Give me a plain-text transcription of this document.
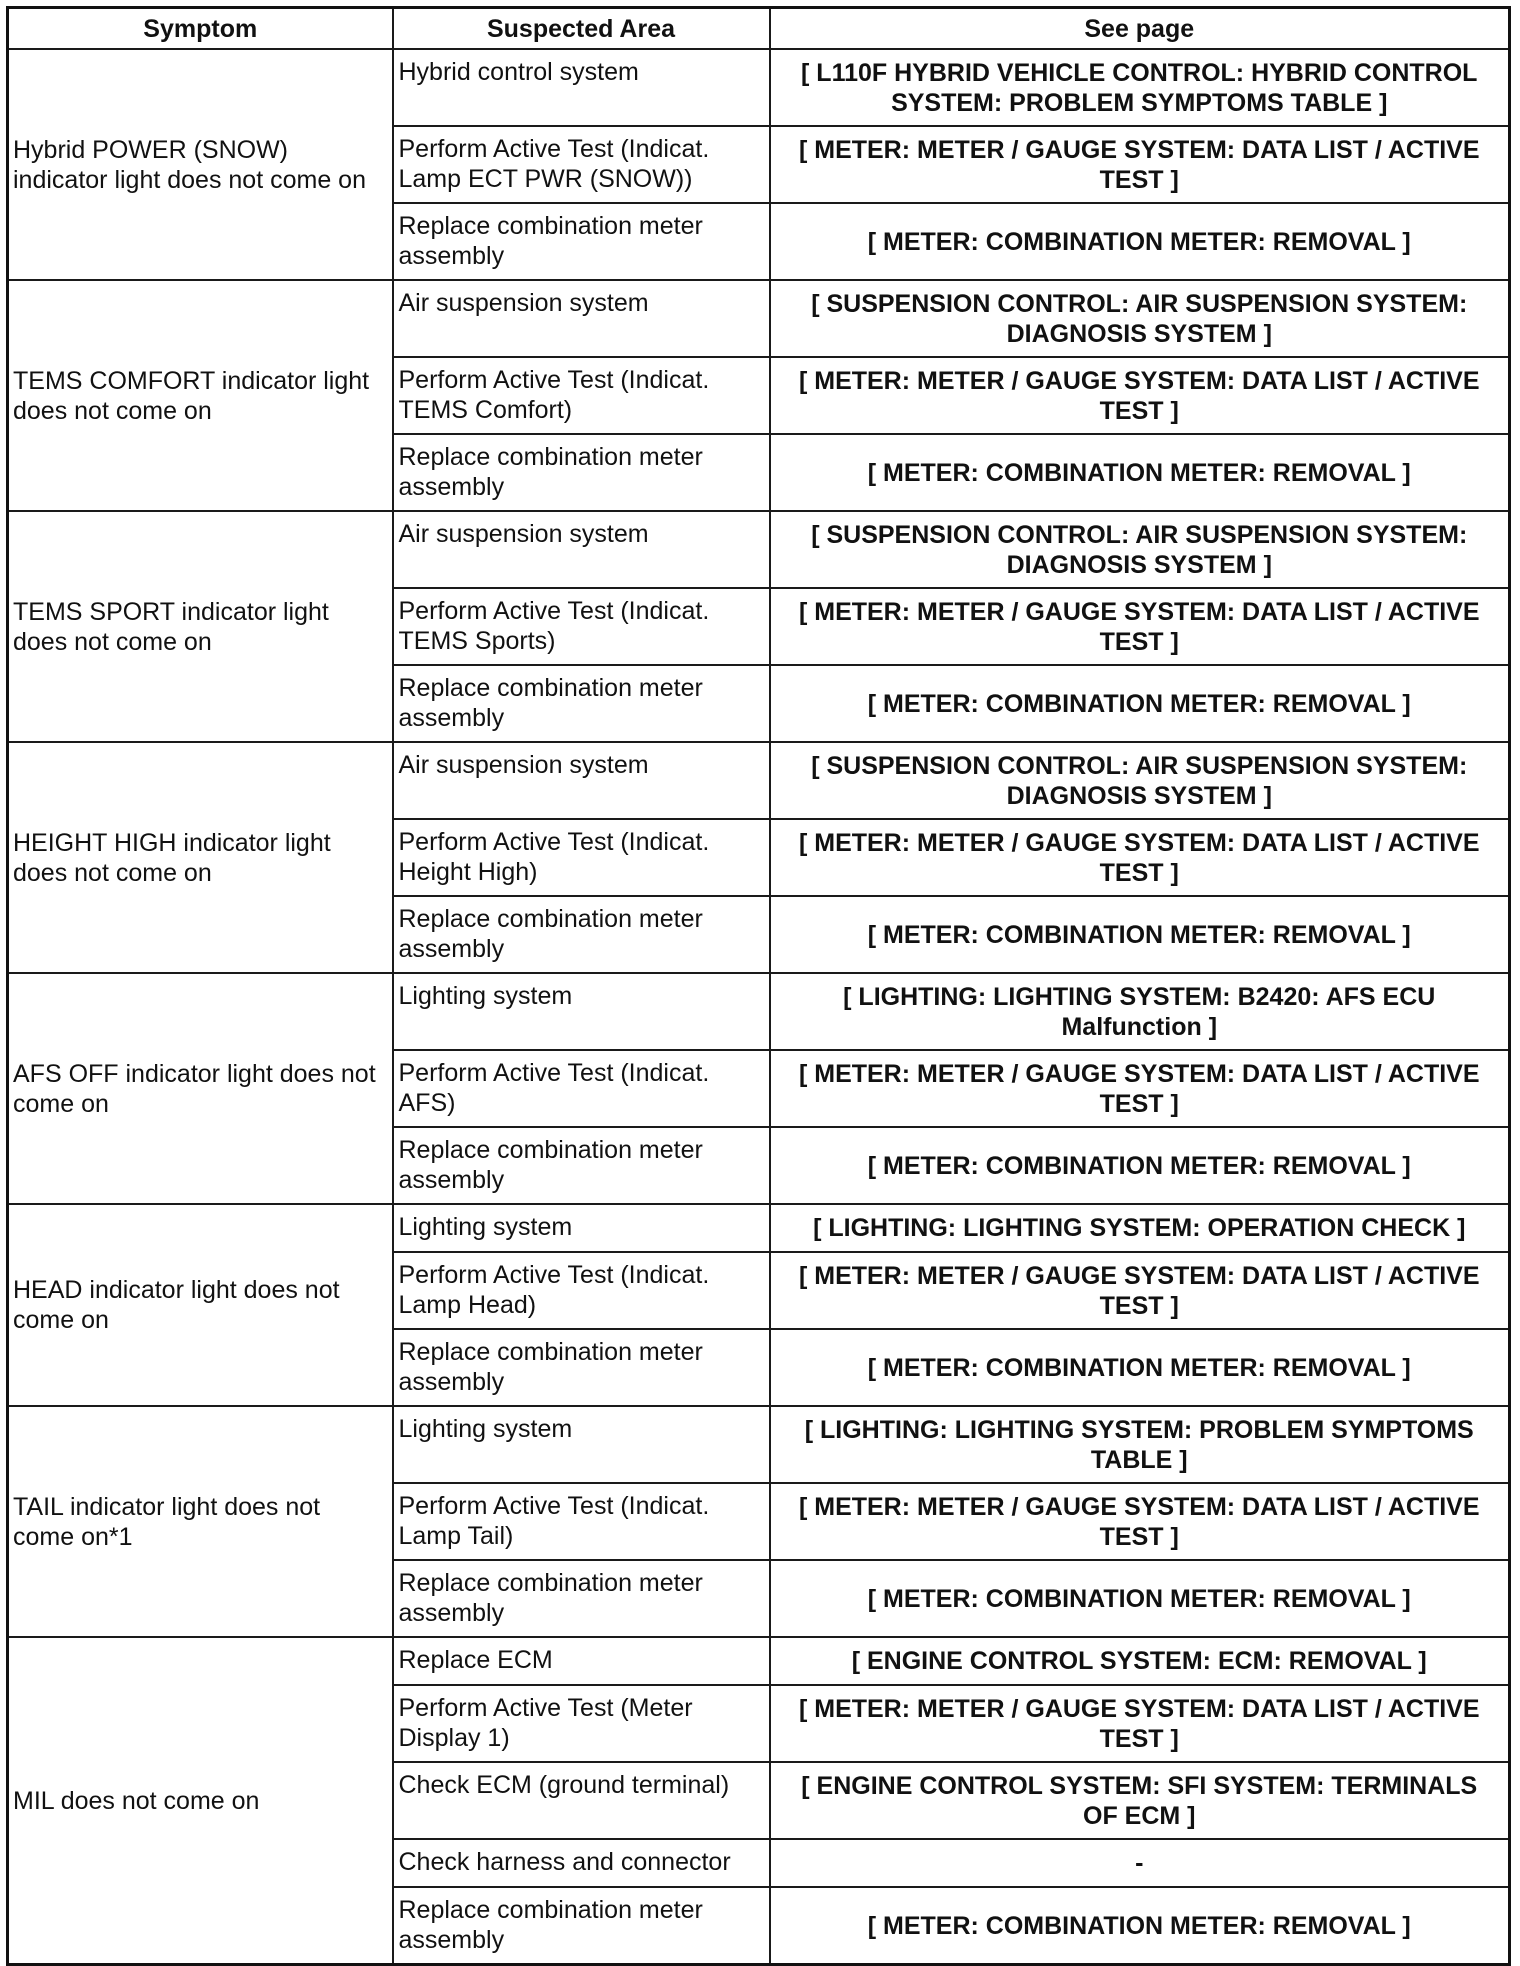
Symptom	Suspected Area	See page
Hybrid POWER (SNOW) indicator light does not come on	Hybrid control system	[ L110F HYBRID VEHICLE CONTROL: HYBRID CONTROL SYSTEM: PROBLEM SYMPTOMS TABLE ]
	Perform Active Test (Indicat. Lamp ECT PWR (SNOW))	[ METER: METER / GAUGE SYSTEM: DATA LIST / ACTIVE TEST ]
	Replace combination meter assembly	[ METER: COMBINATION METER: REMOVAL ]
TEMS COMFORT indicator light does not come on	Air suspension system	[ SUSPENSION CONTROL: AIR SUSPENSION SYSTEM: DIAGNOSIS SYSTEM ]
	Perform Active Test (Indicat. TEMS Comfort)	[ METER: METER / GAUGE SYSTEM: DATA LIST / ACTIVE TEST ]
	Replace combination meter assembly	[ METER: COMBINATION METER: REMOVAL ]
TEMS SPORT indicator light does not come on	Air suspension system	[ SUSPENSION CONTROL: AIR SUSPENSION SYSTEM: DIAGNOSIS SYSTEM ]
	Perform Active Test (Indicat. TEMS Sports)	[ METER: METER / GAUGE SYSTEM: DATA LIST / ACTIVE TEST ]
	Replace combination meter assembly	[ METER: COMBINATION METER: REMOVAL ]
HEIGHT HIGH indicator light does not come on	Air suspension system	[ SUSPENSION CONTROL: AIR SUSPENSION SYSTEM: DIAGNOSIS SYSTEM ]
	Perform Active Test (Indicat. Height High)	[ METER: METER / GAUGE SYSTEM: DATA LIST / ACTIVE TEST ]
	Replace combination meter assembly	[ METER: COMBINATION METER: REMOVAL ]
AFS OFF indicator light does not come on	Lighting system	[ LIGHTING: LIGHTING SYSTEM: B2420: AFS ECU Malfunction ]
	Perform Active Test (Indicat. AFS)	[ METER: METER / GAUGE SYSTEM: DATA LIST / ACTIVE TEST ]
	Replace combination meter assembly	[ METER: COMBINATION METER: REMOVAL ]
HEAD indicator light does not come on	Lighting system	[ LIGHTING: LIGHTING SYSTEM: OPERATION CHECK ]
	Perform Active Test (Indicat. Lamp Head)	[ METER: METER / GAUGE SYSTEM: DATA LIST / ACTIVE TEST ]
	Replace combination meter assembly	[ METER: COMBINATION METER: REMOVAL ]
TAIL indicator light does not come on*1	Lighting system	[ LIGHTING: LIGHTING SYSTEM: PROBLEM SYMPTOMS TABLE ]
	Perform Active Test (Indicat. Lamp Tail)	[ METER: METER / GAUGE SYSTEM: DATA LIST / ACTIVE TEST ]
	Replace combination meter assembly	[ METER: COMBINATION METER: REMOVAL ]
MIL does not come on	Replace ECM	[ ENGINE CONTROL SYSTEM: ECM: REMOVAL ]
	Perform Active Test (Meter Display 1)	[ METER: METER / GAUGE SYSTEM: DATA LIST / ACTIVE TEST ]
	Check ECM (ground terminal)	[ ENGINE CONTROL SYSTEM: SFI SYSTEM: TERMINALS OF ECM ]
	Check harness and connector	-
	Replace combination meter assembly	[ METER: COMBINATION METER: REMOVAL ]
